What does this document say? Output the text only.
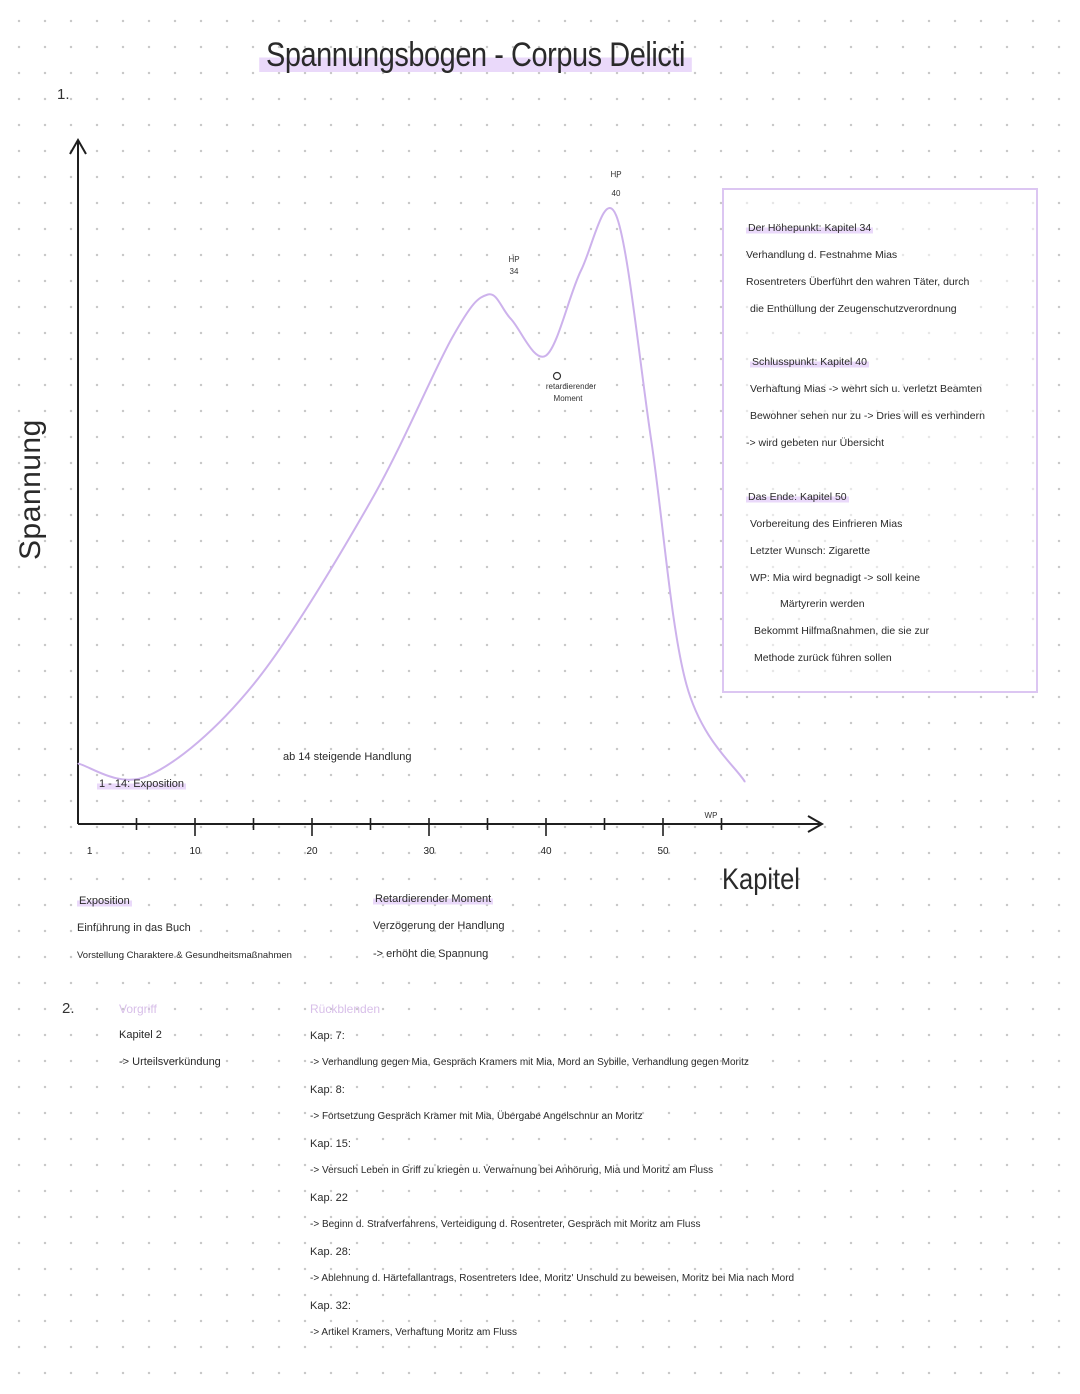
Spannungsbogen - Corpus Delicti
1.
2.
Spannung
1	10	20	30	40	50
HP
34
HP
40
retardierender
Moment
WP
1 - 14: Exposition
ab 14 steigende Handlung
Kapitel
Der Höhepunkt: Kapitel 34
Verhandlung d. Festnahme Mias
Rosentreters Überführt den wahren Täter, durch
die Enthüllung der Zeugenschutzverordnung
Schlusspunkt: Kapitel 40
Verhaftung Mias -> wehrt sich u. verletzt Beamten
Bewohner sehen nur zu -> Dries will es verhindern
-> wird gebeten nur Übersicht
Das Ende: Kapitel 50
Vorbereitung des Einfrieren Mias
Letzter Wunsch: Zigarette
WP: Mia wird begnadigt -> soll keine
Märtyrerin werden
Bekommt Hilfmaßnahmen, die sie zur
Methode zurück führen sollen
Exposition
Einführung in das Buch
Vorstellung Charaktere & Gesundheitsmaßnahmen
Retardierender Moment
Verzögerung der Handlung
-> erhöht die Spannung
Vorgriff
Kapitel 2
-> Urteilsverkündung
Rückblenden
Kap. 7:
-> Verhandlung gegen Mia, Gespräch Kramers mit Mia, Mord an Sybille, Verhandlung gegen Moritz
Kap. 8:
-> Fortsetzung Gespräch Kramer mit Mia, Übergabe Angelschnur an Moritz
Kap. 15:
-> Versuch Leben in Griff zu kriegen u. Verwarnung bei Anhörung, Mia und Moritz am Fluss
Kap. 22
-> Beginn d. Strafverfahrens, Verteidigung d. Rosentreter, Gespräch mit Moritz am Fluss
Kap. 28:
-> Ablehnung d. Härtefallantrags, Rosentreters Idee, Moritz' Unschuld zu beweisen, Moritz bei Mia nach Mord
Kap. 32:
-> Artikel Kramers, Verhaftung Moritz am Fluss
